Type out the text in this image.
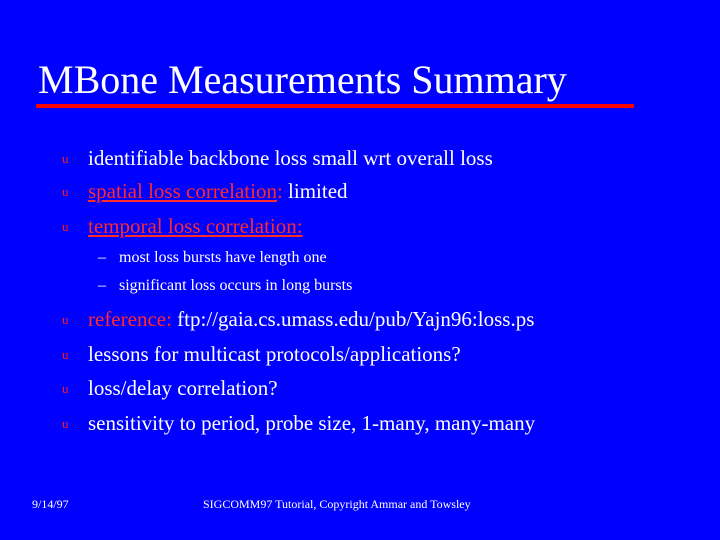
MBone Measurements Summary
u identifiable backbone loss small wrt overall loss
u spatial loss correlation: limited
u temporal loss correlation:
– most loss bursts have length one
– significant loss occurs in long bursts
u reference: ftp://gaia.cs.umass.edu/pub/Yajn96:loss.ps
u lessons for multicast protocols/applications?
u loss/delay correlation?
u sensitivity to period, probe size, 1-many, many-many
9/14/97	SIGCOMM97 Tutorial, Copyright Ammar and Towsley
